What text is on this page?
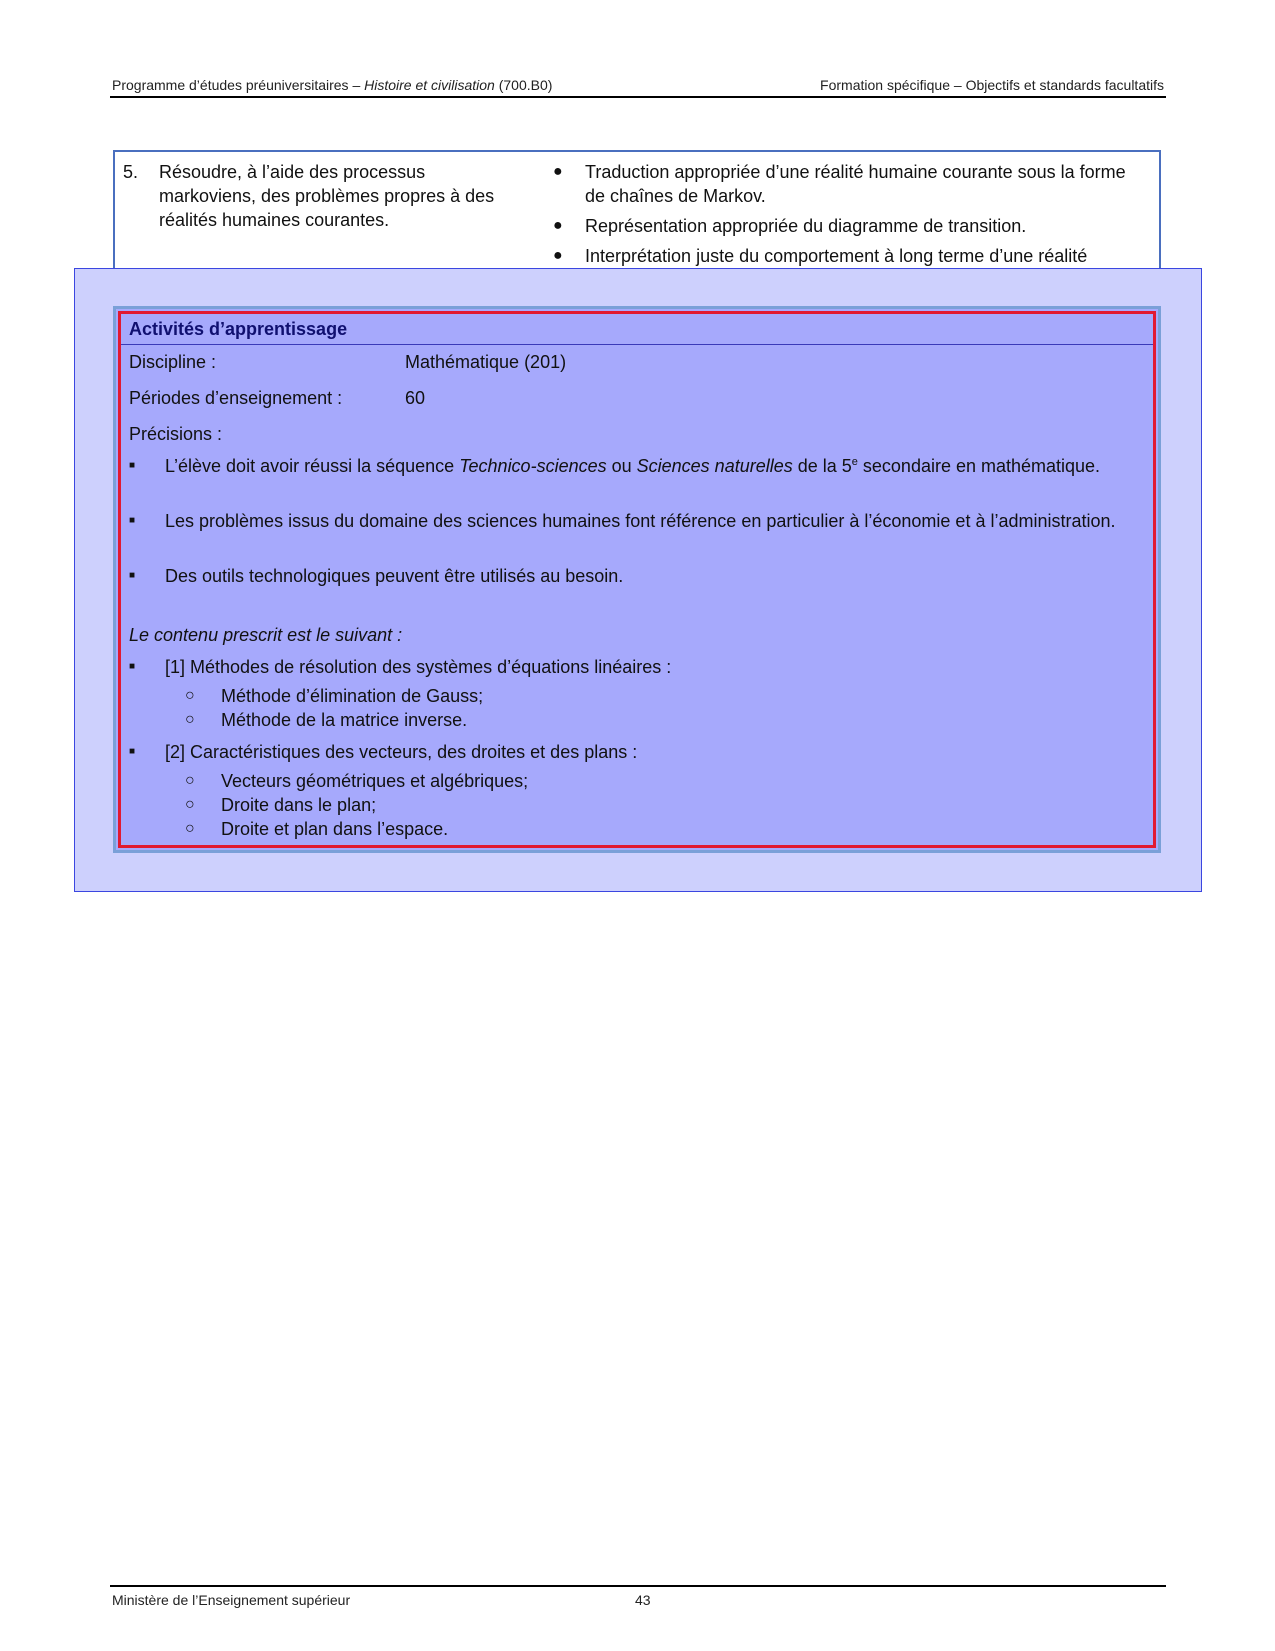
Programme d’études préuniversitaires – Histoire et civilisation (700.B0)	Formation spécifique – Objectifs et standards facultatifs
5. Résoudre, à l’aide des processus markoviens, des problèmes propres à des réalités humaines courantes.
● Traduction appropriée d’une réalité humaine courante sous la forme de chaînes de Markov.
● Représentation appropriée du diagramme de transition.
● Interprétation juste du comportement à long terme d’une réalité
Activités d’apprentissage
Discipline :	Mathématique (201)
Périodes d’enseignement :	60
Précisions :
■ L’élève doit avoir réussi la séquence Technico-sciences ou Sciences naturelles de la 5e secondaire en mathématique.
■ Les problèmes issus du domaine des sciences humaines font référence en particulier à l’économie et à l’administration.
■ Des outils technologiques peuvent être utilisés au besoin.
Le contenu prescrit est le suivant :
■ [1] Méthodes de résolution des systèmes d’équations linéaires :
○ Méthode d’élimination de Gauss;
○ Méthode de la matrice inverse.
■ [2] Caractéristiques des vecteurs, des droites et des plans :
○ Vecteurs géométriques et algébriques;
○ Droite dans le plan;
○ Droite et plan dans l’espace.
Ministère de l’Enseignement supérieur	43
